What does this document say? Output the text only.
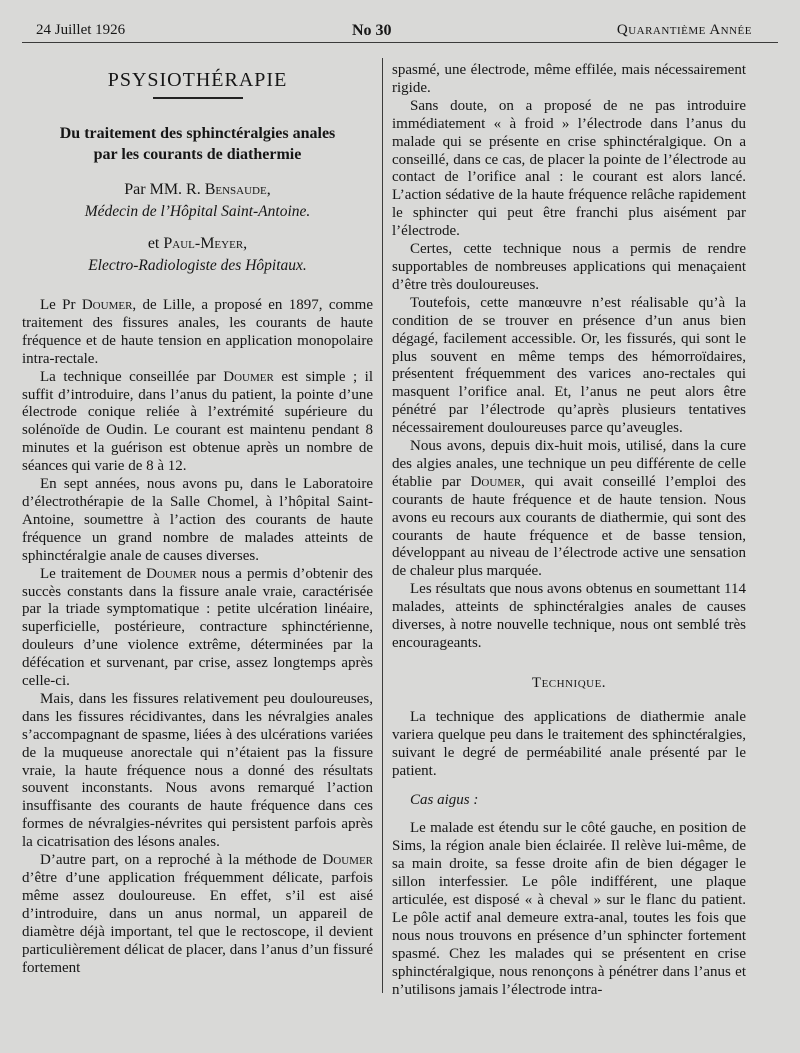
24 Juillet 1926	No 30	Quarantième Année
PSYSIOTHÉRAPIE
Du traitement des sphinctéralgies anales
par les courants de diathermie
Par MM. R. Bensaude,
Médecin de l’Hôpital Saint-Antoine.
et Paul-Meyer,
Electro-Radiologiste des Hôpitaux.

Le Pr Doumer, de Lille, a proposé en 1897, comme traitement des fissures anales, les courants de haute fréquence et de haute tension en application monopolaire intra-rectale.

La technique conseillée par Doumer est simple ; il suffit d’introduire, dans l’anus du patient, la pointe d’une électrode conique reliée à l’extrémité supérieure du solénoïde de Oudin. Le courant est maintenu pendant 8 minutes et la guérison est obtenue après un nombre de séances qui varie de 8 à 12.

En sept années, nous avons pu, dans le Laboratoire d’électrothérapie de la Salle Chomel, à l’hôpital Saint-Antoine, soumettre à l’action des courants de haute fréquence un grand nombre de malades atteints de sphinctéralgie anale de causes diverses.

Le traitement de Doumer nous a permis d’obtenir des succès constants dans la fissure anale vraie, caractérisée par la triade symptomatique : petite ulcération linéaire, superficielle, postérieure, contracture sphinctérienne, douleurs d’une violence extrême, déterminées par la défécation et survenant, par crise, assez longtemps après celle-ci.

Mais, dans les fissures relativement peu douloureuses, dans les fissures récidivantes, dans les névralgies anales s’accompagnant de spasme, liées à des ulcérations variées de la muqueuse anorectale qui n’étaient pas la fissure vraie, la haute fréquence nous a donné des résultats souvent inconstants. Nous avons remarqué l’action insuffisante des courants de haute fréquence dans ces formes de névralgies-névrites qui persistent parfois après la cicatrisation des lésons anales.

D’autre part, on a reproché à la méthode de Doumer d’être d’une application fréquemment délicate, parfois même assez douloureuse. En effet, s’il est aisé d’introduire, dans un anus normal, un appareil de diamètre déjà important, tel que le rectoscope, il devient particulièrement délicat de placer, dans l’anus d’un fissuré fortement

spasmé, une électrode, même effilée, mais nécessairement rigide.

Sans doute, on a proposé de ne pas introduire immédiatement « à froid » l’électrode dans l’anus du malade qui se présente en crise sphinctéralgique. On a conseillé, dans ce cas, de placer la pointe de l’électrode au contact de l’orifice anal : le courant est alors lancé. L’action sédative de la haute fréquence relâche rapidement le sphincter qui peut être franchi plus aisément par l’électrode.

Certes, cette technique nous a permis de rendre supportables de nombreuses applications qui menaçaient d’être très douloureuses.

Toutefois, cette manœuvre n’est réalisable qu’à la condition de se trouver en présence d’un anus bien dégagé, facilement accessible. Or, les fissurés, qui sont le plus souvent en même temps des hémorroïdaires, présentent fréquemment des varices ano-rectales qui masquent l’orifice anal. Et, l’anus ne peut alors être pénétré par l’électrode qu’après plusieurs tentatives nécessairement douloureuses parce qu’aveugles.

Nous avons, depuis dix-huit mois, utilisé, dans la cure des algies anales, une technique un peu différente de celle établie par Doumer, qui avait conseillé l’emploi des courants de haute fréquence et de haute tension. Nous avons eu recours aux courants de diathermie, qui sont des courants de haute fréquence et de basse tension, développant au niveau de l’électrode active une sensation de chaleur plus marquée.

Les résultats que nous avons obtenus en soumettant 114 malades, atteints de sphinctéralgies anales de causes diverses, à notre nouvelle technique, nous ont semblé très encourageants.

Technique.

La technique des applications de diathermie anale variera quelque peu dans le traitement des sphinctéralgies, suivant le degré de perméabilité anale présenté par le patient.

Cas aigus :

Le malade est étendu sur le côté gauche, en position de Sims, la région anale bien éclairée. Il relève lui-même, de sa main droite, sa fesse droite afin de bien dégager le sillon interfessier. Le pôle indifférent, une plaque articulée, est disposé « à cheval » sur le flanc du patient. Le pôle actif anal demeure extra-anal, toutes les fois que nous nous trouvons en présence d’un sphincter fortement spasmé. Chez les malades qui se présentent en crise sphinctéralgique, nous renonçons à pénétrer dans l’anus et n’utilisons jamais l’électrode intra-
